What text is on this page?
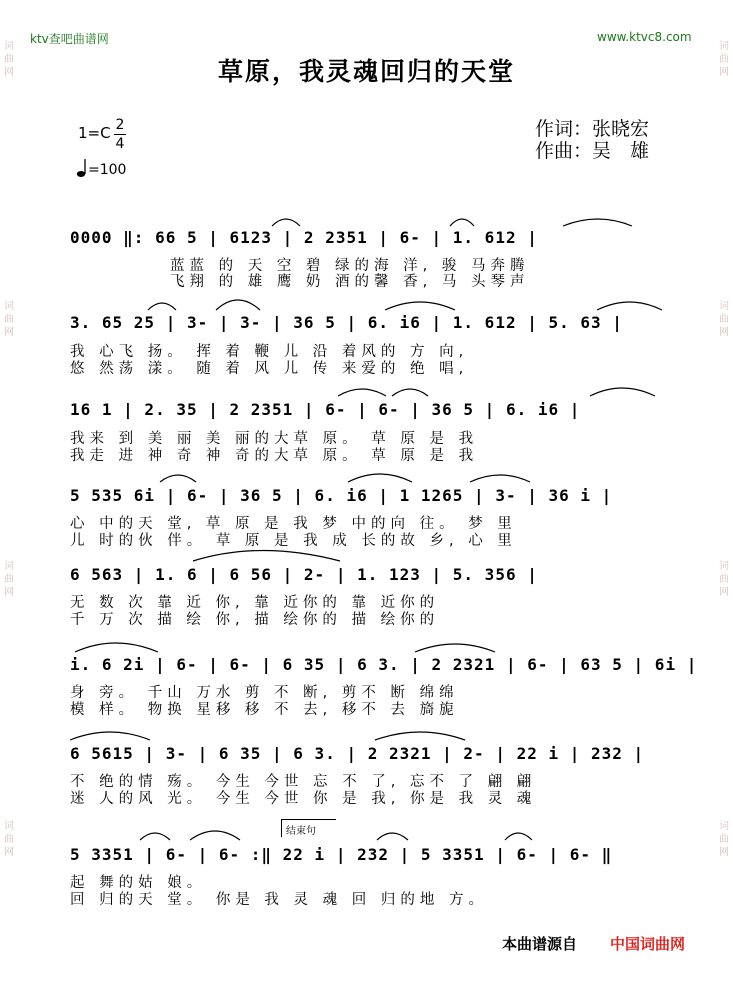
词曲网
词曲网
词曲网
词曲网
词曲网
词曲网
词曲网
词曲网
ktv查吧曲谱网	www.ktvc8.com
草原，我灵魂回归的天堂
1=C 2
4
=100
作词：张晓宏
作曲：吴　雄
0000 ‖: 66 5 | 6123 | 2 2351 | 6- | 1. 612 |
蓝蓝 的 天 空 碧 绿的海 洋, 骏 马奔腾
飞翔 的 雄 鹰 奶 酒的馨 香, 马 头琴声
3. 65 25 | 3- | 3- | 36 5 | 6. i6 | 1. 612 | 5. 63 |
我 心飞 扬。 挥 着 鞭 儿 沿 着风的 方 向,
悠 然荡 漾。 随 着 风 儿 传 来爱的 绝 唱,
16 1 | 2. 35 | 2 2351 | 6- | 6- | 36 5 | 6. i6 |
我来 到 美 丽 美 丽的大草 原。 草 原 是 我
我走 进 神 奇 神 奇的大草 原。 草 原 是 我
5 535 6i | 6- | 36 5 | 6. i6 | 1 1265 | 3- | 36 i |
心 中的天 堂, 草 原 是 我 梦 中的向 往。 梦 里
儿 时的伙 伴。 草 原 是 我 成 长的故 乡, 心 里
6 563 | 1. 6 | 6 56 | 2- | 1. 123 | 5. 356 |
无 数 次 靠 近 你, 靠 近你的 靠 近你的
千 万 次 描 绘 你, 描 绘你的 描 绘你的
i. 6 2i | 6- | 6- | 6 35 | 6 3. | 2 2321 | 6- | 63 5 | 6i |
身 旁。 千山 万水 剪 不 断, 剪不 断 绵绵
模 样。 物换 星移 移 不 去, 移不 去 旖旎
6 5615 | 3- | 6 35 | 6 3. | 2 2321 | 2- | 22 i | 232 |
不 绝的情 殇。 今生 今世 忘 不 了, 忘不 了 翩 翩
迷 人的风 光。 今生 今世 你 是 我, 你是 我 灵 魂
结束句
5 3351 | 6- | 6- :‖ 22 i | 232 | 5 3351 | 6- | 6- ‖
起 舞的姑 娘。
回 归的天 堂。 你是 我 灵 魂 回 归的地 方。
本曲谱源自 中国词曲网
